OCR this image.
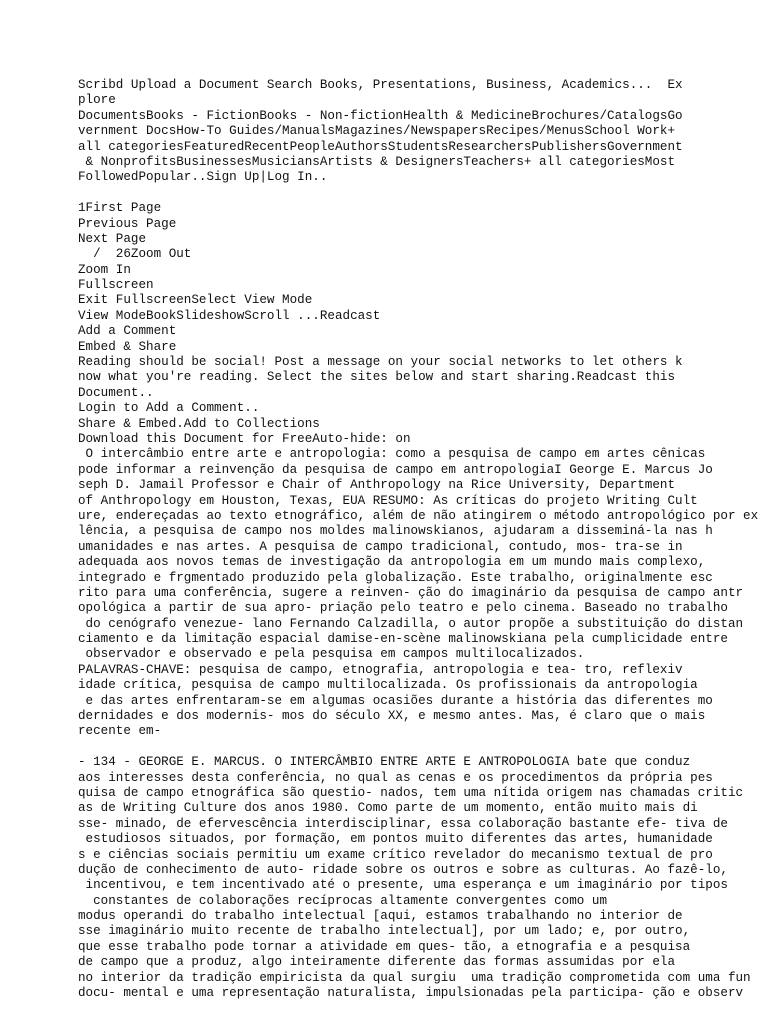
Scribd Upload a Document Search Books, Presentations, Business, Academics...  Ex
plore
DocumentsBooks - FictionBooks - Non-fictionHealth & MedicineBrochures/CatalogsGo
vernment DocsHow-To Guides/ManualsMagazines/NewspapersRecipes/MenusSchool Work+
all categoriesFeaturedRecentPeopleAuthorsStudentsResearchersPublishersGovernment
& NonprofitsBusinessesMusiciansArtists & DesignersTeachers+ all categoriesMost
FollowedPopular..Sign Up|Log In..
1First Page
Previous Page
Next Page
/  26Zoom Out
Zoom In
Fullscreen
Exit FullscreenSelect View Mode
View ModeBookSlideshowScroll ...Readcast
Add a Comment
Embed & Share
Reading should be social! Post a message on your social networks to let others k
now what you're reading. Select the sites below and start sharing.Readcast this
Document..
Login to Add a Comment..
Share & Embed.Add to Collections
Download this Document for FreeAuto-hide: on
O intercâmbio entre arte e antropologia: como a pesquisa de campo em artes cênicas
pode informar a reinvenção da pesquisa de campo em antropologiaI George E. Marcus Jo
seph D. Jamail Professor e Chair of Anthropology na Rice University, Department
of Anthropology em Houston, Texas, EUA RESUMO: As críticas do projeto Writing Cult
ure, endereçadas ao texto etnográfico, além de não atingirem o método antropológico por ex
lência, a pesquisa de campo nos moldes malinowskianos, ajudaram a disseminá-la nas h
umanidades e nas artes. A pesquisa de campo tradicional, contudo, mos- tra-se in
adequada aos novos temas de investigação da antropologia em um mundo mais complexo,
integrado e frgmentado produzido pela globalização. Este trabalho, originalmente esc
rito para uma conferência, sugere a reinven- ção do imaginário da pesquisa de campo antr
opológica a partir de sua apro- priação pelo teatro e pelo cinema. Baseado no trabalho
do cenógrafo venezue- lano Fernando Calzadilla, o autor propõe a substituição do distan
ciamento e da limitação espacial damise-en-scène malinowskiana pela cumplicidade entre
observador e observado e pela pesquisa em campos multilocalizados.
PALAVRAS-CHAVE: pesquisa de campo, etnografia, antropologia e tea- tro, reflexiv
idade crítica, pesquisa de campo multilocalizada. Os profissionais da antropologia
e das artes enfrentaram-se em algumas ocasiões durante a história das diferentes mo
dernidades e dos modernis- mos do século XX, e mesmo antes. Mas, é claro que o mais
recente em-
- 134 - GEORGE E. MARCUS. O INTERCÂMBIO ENTRE ARTE E ANTROPOLOGIA bate que conduz
aos interesses desta conferência, no qual as cenas e os procedimentos da própria pes
quisa de campo etnográfica são questio- nados, tem uma nítida origem nas chamadas critic
as de Writing Culture dos anos 1980. Como parte de um momento, então muito mais di
sse- minado, de efervescência interdisciplinar, essa colaboração bastante efe- tiva de
estudiosos situados, por formação, em pontos muito diferentes das artes, humanidade
s e ciências sociais permitiu um exame crítico revelador do mecanismo textual de pro
dução de conhecimento de auto- ridade sobre os outros e sobre as culturas. Ao fazê-lo,
incentivou, e tem incentivado até o presente, uma esperança e um imaginário por tipos
constantes de colaborações recíprocas altamente convergentes como um
modus operandi do trabalho intelectual [aqui, estamos trabalhando no interior de
sse imaginário muito recente de trabalho intelectual], por um lado; e, por outro,
que esse trabalho pode tornar a atividade em ques- tão, a etnografia e a pesquisa
de campo que a produz, algo inteiramente diferente das formas assumidas por ela
no interior da tradição empiricista da qual surgiu  uma tradição comprometida com uma fun
docu- mental e uma representação naturalista, impulsionadas pela participa- ção e observ
